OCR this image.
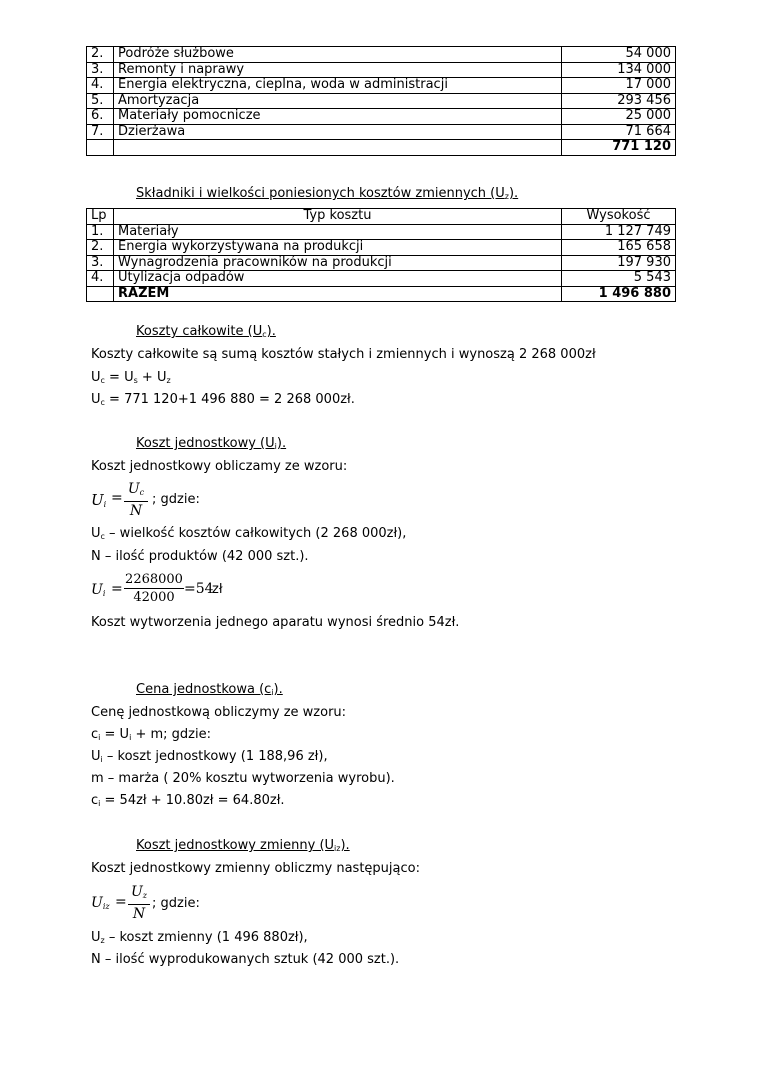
2.	Podróże służbowe	54 000
3.	Remonty i naprawy	134 000
4.	Energia elektryczna, cieplna, woda w administracji	17 000
5.	Amortyzacja	293 456
6.	Materiały pomocnicze	25 000
7.	Dzierżawa	71 664
		771 120
Składniki i wielkości poniesionych kosztów zmiennych $(U_z)$.
Lp	Typ kosztu	Wysokość
1.	Materiały	1 127 749
2.	Energia wykorzystywana na produkcji	165 658
3.	Wynagrodzenia pracowników na produkcji	197 930
4.	Utylizacja odpadów	5 543
	RAZEM	1 496 880
Koszty całkowite $(U_c)$.
Koszty całkowite są sumą kosztów stałych i zmiennych i wynoszą 2 268 000zł
$U_c = U_s + U_z$
$U_c = 771$ 120+1 496 880 = 2 268 000zł.
Koszt jednostkowy $(U_i)$.
Koszt jednostkowy obliczamy ze wzoru:
$U_i = \frac{U_c}{N}$ ; gdzie:
$U_c$ – wielkość kosztów całkowitych (2 268 000zł),
N – ilość produktów (42 000 szt.).
$U_i = \frac{2268000}{42000} =54$
zł
Koszt wytworzenia jednego aparatu wynosi średnio 54zł.
Cena jednostkowa $(c_i)$.
Cenę jednostkową obliczymy ze wzoru:
$c_i = U_i + m$; gdzie:
$U_i$ – koszt jednostkowy (1 188,96 zł),
m – marża ( 20% kosztu wytworzenia wyrobu).
$c_i$ = 54zł + 10.80zł = 64.80zł.
Koszt jednostkowy zmienny $(U_{iz})$.
Koszt jednostkowy zmienny obliczmy następująco:
$U_{iz} = \frac{U_z}{N}$ ; gdzie:
$U_z$ – koszt zmienny (1 496 880zł),
N – ilość wyprodukowanych sztuk (42 000 szt.).
